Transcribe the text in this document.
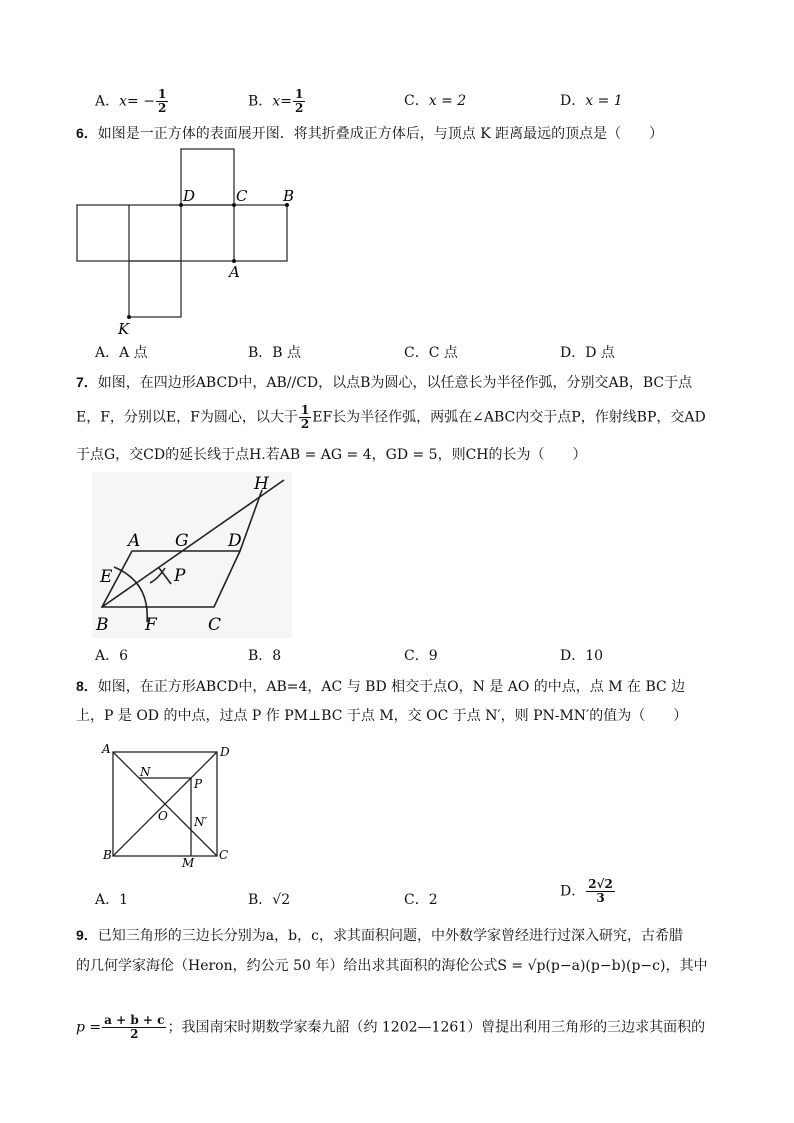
A．$x= - \frac{1}{2}$	B．$x= \frac{1}{2}$	C．x = 2	D．x = 1
6．如图是一正方体的表面展开图．将其折叠成正方体后，与顶点 K 距离最远的顶点是（　　）
D	C B
A
K
A．A 点	B．B 点	C．C 点	D．D 点
7．如图，在四边形ABCD中，AB//CD，以点B为圆心，以任意长为半径作弧，分别交AB，BC于点
E，F，分别以E，F为圆心，以大于 $\frac{1}{2}$ EF长为半径作弧，两弧在∠ABC内交于点P，作射线BP，交AD
于点G，交CD的延长线于点H.若AB = AG = 4，GD = 5，则CH的长为（　　）
H
A G D
E	P
B F	C
A．6	B．8	C．9	D．10
8．如图，在正方形ABCD中，AB=4，AC 与 BD 相交于点O，N 是 AO 的中点，点 M 在 BC 边
上，P 是 OD 的中点，过点 P 作 PM⊥BC 于点 M，交 OC 于点 N′，则 PN-MN′的值为（　　）
A	D
N
P
O N′
B
M
C
A．1	B．√2	C．2
D． $\frac{2√2}{3}$
9．已知三角形的三边长分别为a，b，c，求其面积问题，中外数学家曾经进行过深入研究，古希腊
的几何学家海伦（Heron，约公元 50 年）给出求其面积的海伦公式S = √p(p−a)(p−b)(p−c)，其中
$p = \frac{a + b + c}{2}$ ；我国南宋时期数学家秦九韶（约 1202—1261）曾提出利用三角形的三边求其面积的
